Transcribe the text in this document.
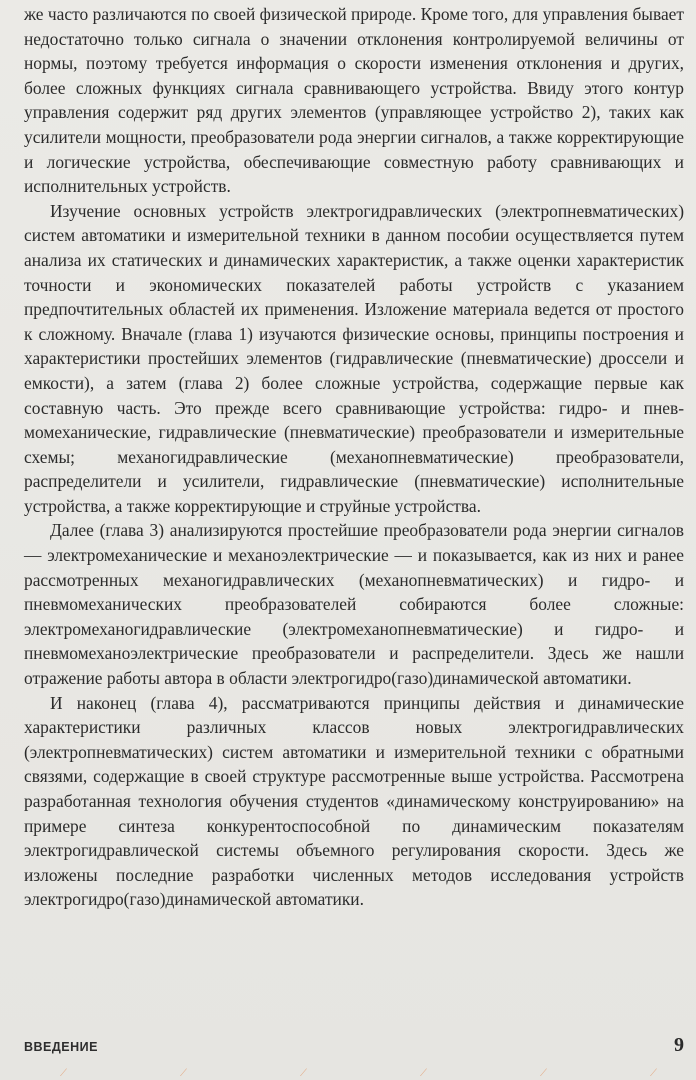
же часто различаются по своей физической природе. Кроме того, для управления бывает недостаточно только сигнала о значении отклонения контролируемой величины от нормы, поэтому требуется информация о скорости изменения отклонения и других, более сложных функциях сигнала сравнивающего устройства. Ввиду этого контур управления содержит ряд других элементов (управляющее устройство 2), таких как усилители мощности, преобразователи рода энергии сигналов, а также корректирующие и логические устройства, обеспечивающие совместную работу сравнивающих и исполнительных устройств.

Изучение основных устройств электрогидравлических (электропневматических) систем автоматики и измерительной техники в данном пособии осуществляется путем анализа их статических и динамических характеристик, а также оценки характеристик точности и экономических показателей работы устройств с указанием предпочтительных областей их применения. Изложение материала ведется от простого к сложному. Вначале (глава 1) изучаются физические основы, принципы построения и характеристики простейших элементов (гидравлические (пневматические) дроссели и емкости), а затем (глава 2) более сложные устройства, содержащие первые как составную часть. Это прежде всего сравнивающие устройства: гидро- и пневмомеханические, гидравлические (пневматические) преобразователи и измерительные схемы; механогидравлические (механопневматические) преобразователи, распределители и усилители, гидравлические (пневматические) исполнительные устройства, а также корректирующие и струйные устройства.

Далее (глава 3) анализируются простейшие преобразователи рода энергии сигналов — электромеханические и механоэлектрические — и показывается, как из них и ранее рассмотренных механогидравлических (механопневматических) и гидро- и пневмомеханических преобразователей собираются более сложные: электромеханогидравлические (электромеханопневматические) и гидро- и пневмомеханоэлектрические преобразователи и распределители. Здесь же нашли отражение работы автора в области электрогидро(газо)динамической автоматики.

И наконец (глава 4), рассматриваются принципы действия и динамические характеристики различных классов новых электрогидравлических (электропневматических) систем автоматики и измерительной техники с обратными связями, содержащие в своей структуре рассмотренные выше устройства. Рассмотрена разработанная технология обучения студентов «динамическому конструированию» на примере синтеза конкурентоспособной по динамическим показателям электрогидравлической системы объемного регулирования скорости. Здесь же изложены последние разработки численных методов исследования устройств электрогидро(газо)динамической автоматики.

ВВЕДЕНИЕ	9
⟋	⟋	⟋	⟋	⟋	⟋
